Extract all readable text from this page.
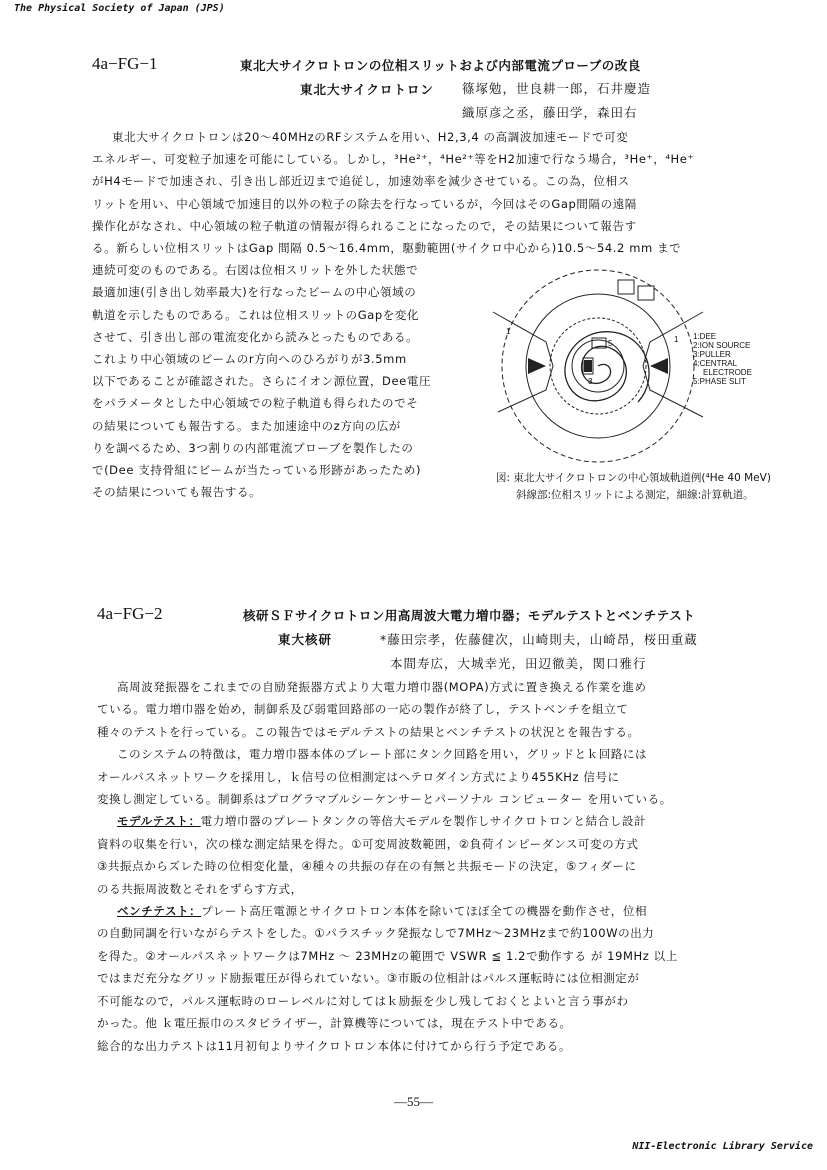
The Physical Society of Japan (JPS)
4a−FG−1	東北大サイクロトロンの位相スリットおよび内部電流プローブの改良
東北大サイクロトロン 篠塚勉，世良耕一郎，石井慶造
織原彦之丞，藤田学，森田右

東北大サイクロトロンは20〜40MHzのRFシステムを用い、H2,3,4 の高調波加速モードで可変

エネルギー、可変粒子加速を可能にしている。しかし，³He²⁺，⁴He²⁺等をH2加速で行なう場合，³He⁺，⁴He⁺

がH4モードで加速され、引き出し部近辺まで追従し，加速効率を減少させている。この為，位相ス

リットを用い、中心領域で加速目的以外の粒子の除去を行なっているが，今回はそのGap間隔の遠隔

操作化がなされ、中心領域の粒子軌道の情報が得られることになったので，その結果について報告す

る。新らしい位相スリットはGap 間隔 0.5〜16.4mm，駆動範囲(サイクロ中心から)10.5〜54.2 mm まで

連続可変のものである。右図は位相スリットを外した状態で

最適加速(引き出し効率最大)を行なったビームの中心領域の

軌道を示したものである。これは位相スリットのGapを変化

させて、引き出し部の電流変化から読みとったものである。

これより中心領域のビームのr方向へのひろがりが3.5mm

以下であることが確認された。さらにイオン源位置，Dee電圧

をパラメータとした中心領域での粒子軌道も得られたのでそ

の結果についても報告する。また加速途中のz方向の広が

りを調べるため、3つ割りの内部電流プローブを製作したの

で(Dee 支持骨組にビームが当たっている形跡があったため)

その結果についても報告する。

1
1
3
5
1:DEE
2:ION SOURCE
3:PULLER
4:CENTRAL
ELECTRODE
5:PHASE SLIT
図: 東北大サイクロトロンの中心領域軌道例(⁴He 40 MeV)
斜線部:位相スリットによる測定，細線:計算軌道。
4a−FG−2	核研ＳＦサイクロトロン用高周波大電力増巾器；モデルテストとベンチテスト
東大核研	*藤田宗孝，佐藤健次，山崎則夫，山崎昂，桜田重蔵
本間寿広，大城幸光，田辺徹美，関口雅行

高周波発振器をこれまでの自励発振器方式より大電力増巾器(MOPA)方式に置き換える作業を進め

ている。電力増巾器を始め，制御系及び弱電回路部の一応の製作が終了し，テストベンチを組立て

種々のテストを行っている。この報告ではモデルテストの結果とベンチテストの状況とを報告する。

このシステムの特徴は，電力増巾器本体のプレート部にタンク回路を用い，グリッドとｋ回路には

オールパスネットワークを採用し，ｋ信号の位相測定はヘテロダイン方式により455KHz 信号に

変換し測定している。制御系はプログラマブルシーケンサーとパーソナル コンピューター を用いている。

モデルテスト：電力増巾器のプレートタンクの等倍大モデルを製作しサイクロトロンと結合し設計

資料の収集を行い，次の様な測定結果を得た。①可変周波数範囲，②負荷インピーダンス可変の方式

③共振点からズレた時の位相変化量，④種々の共振の存在の有無と共振モードの決定，⑤フィダーに

のる共振周波数とそれをずらす方式，

ベンチテスト：プレート高圧電源とサイクロトロン本体を除いてほぼ全ての機器を動作させ，位相

の自動同調を行いながらテストをした。①パラスチック発振なしで7MHz〜23MHzまで約100Wの出力

を得た。②オールパスネットワークは7MHz 〜 23MHzの範囲で VSWR ≦ 1.2で動作する が 19MHz 以上

ではまだ充分なグリッド励振電圧が得られていない。③市販の位相計はパルス運転時には位相測定が

不可能なので，パルス運転時のローレベルに対してはｋ励振を少し残しておくとよいと言う事がわ

かった。他 ｋ電圧振巾のスタビライザー，計算機等については，現在テスト中である。

総合的な出力テストは11月初旬よりサイクロトロン本体に付けてから行う予定である。

—55—
NII-Electronic Library Service
